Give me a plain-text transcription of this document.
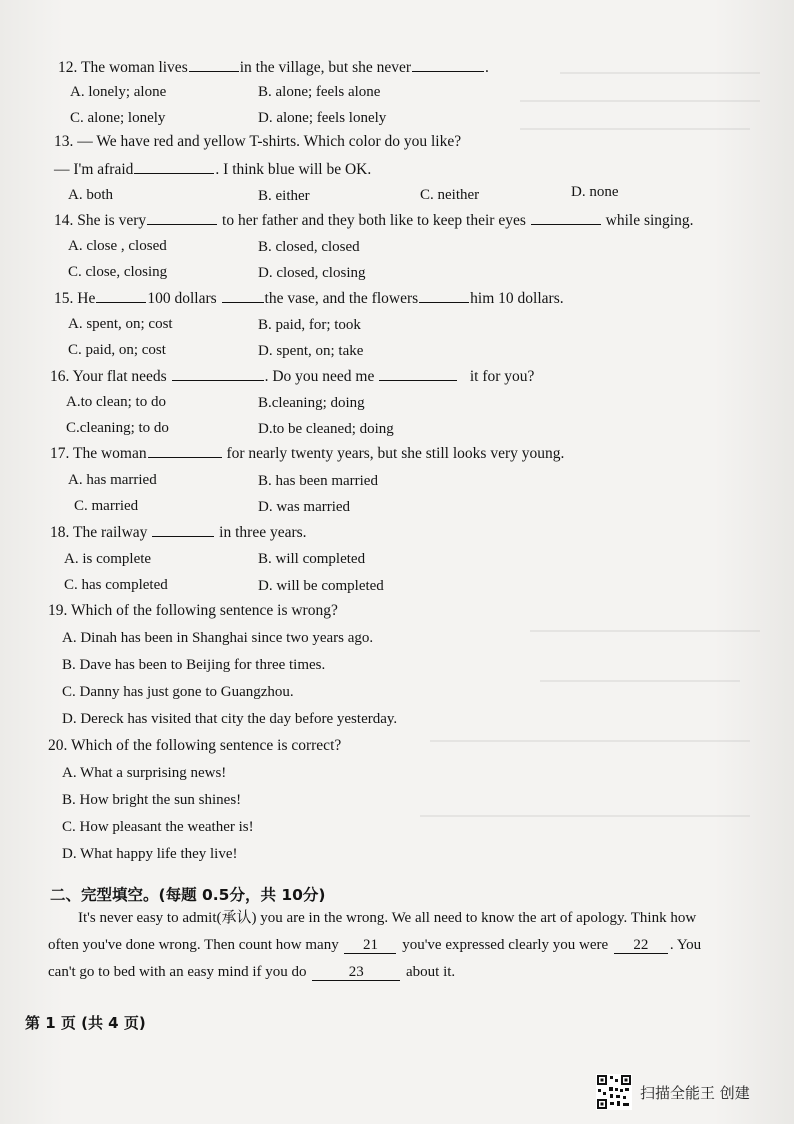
12. The woman lives	in the village, but she never	.
A. lonely; alone	B. alone; feels alone
C. alone; lonely	D. alone; feels lonely
13. — We have red and yellow T-shirts. Which color do you like?
— I'm afraid	. I think blue will be OK.
A. both	B. either	C. neither	D. none
14. She is very	to her father and they both like to keep their eyes	while singing.
A. close , closed	B. closed, closed
C. close, closing	D. closed, closing
15. He	100 dollars	the vase, and the flowers	him 10 dollars.
A. spent, on; cost	B. paid, for; took
C. paid, on; cost	D. spent, on; take
16. Your flat needs	. Do you need me	it for you?
A.to clean; to do	B.cleaning; doing
C.cleaning; to do	D.to be cleaned; doing
17. The woman	for nearly twenty years, but she still looks very young.
A. has married	B. has been married
C. married	D. was married
18. The railway	in three years.
A. is complete	B. will completed
C. has completed	D. will be completed
19. Which of the following sentence is wrong?
A. Dinah has been in Shanghai since two years ago.
B. Dave has been to Beijing for three times.
C. Danny has just gone to Guangzhou.
D. Dereck has visited that city the day before yesterday.
20. Which of the following sentence is correct?
A. What a surprising news!
B. How bright the sun shines!
C. How pleasant the weather is!
D. What happy life they live!
二、完型填空。(每题 0.5分，共 10分)
It's never easy to admit(承认) you are in the wrong. We all need to know the art of apology. Think how
often you've done wrong. Then count how many 21 you've expressed clearly you were 22 . You
can't go to bed with an easy mind if you do	23	about it.
第 1 页 (共 4 页)
扫描全能王 创建
